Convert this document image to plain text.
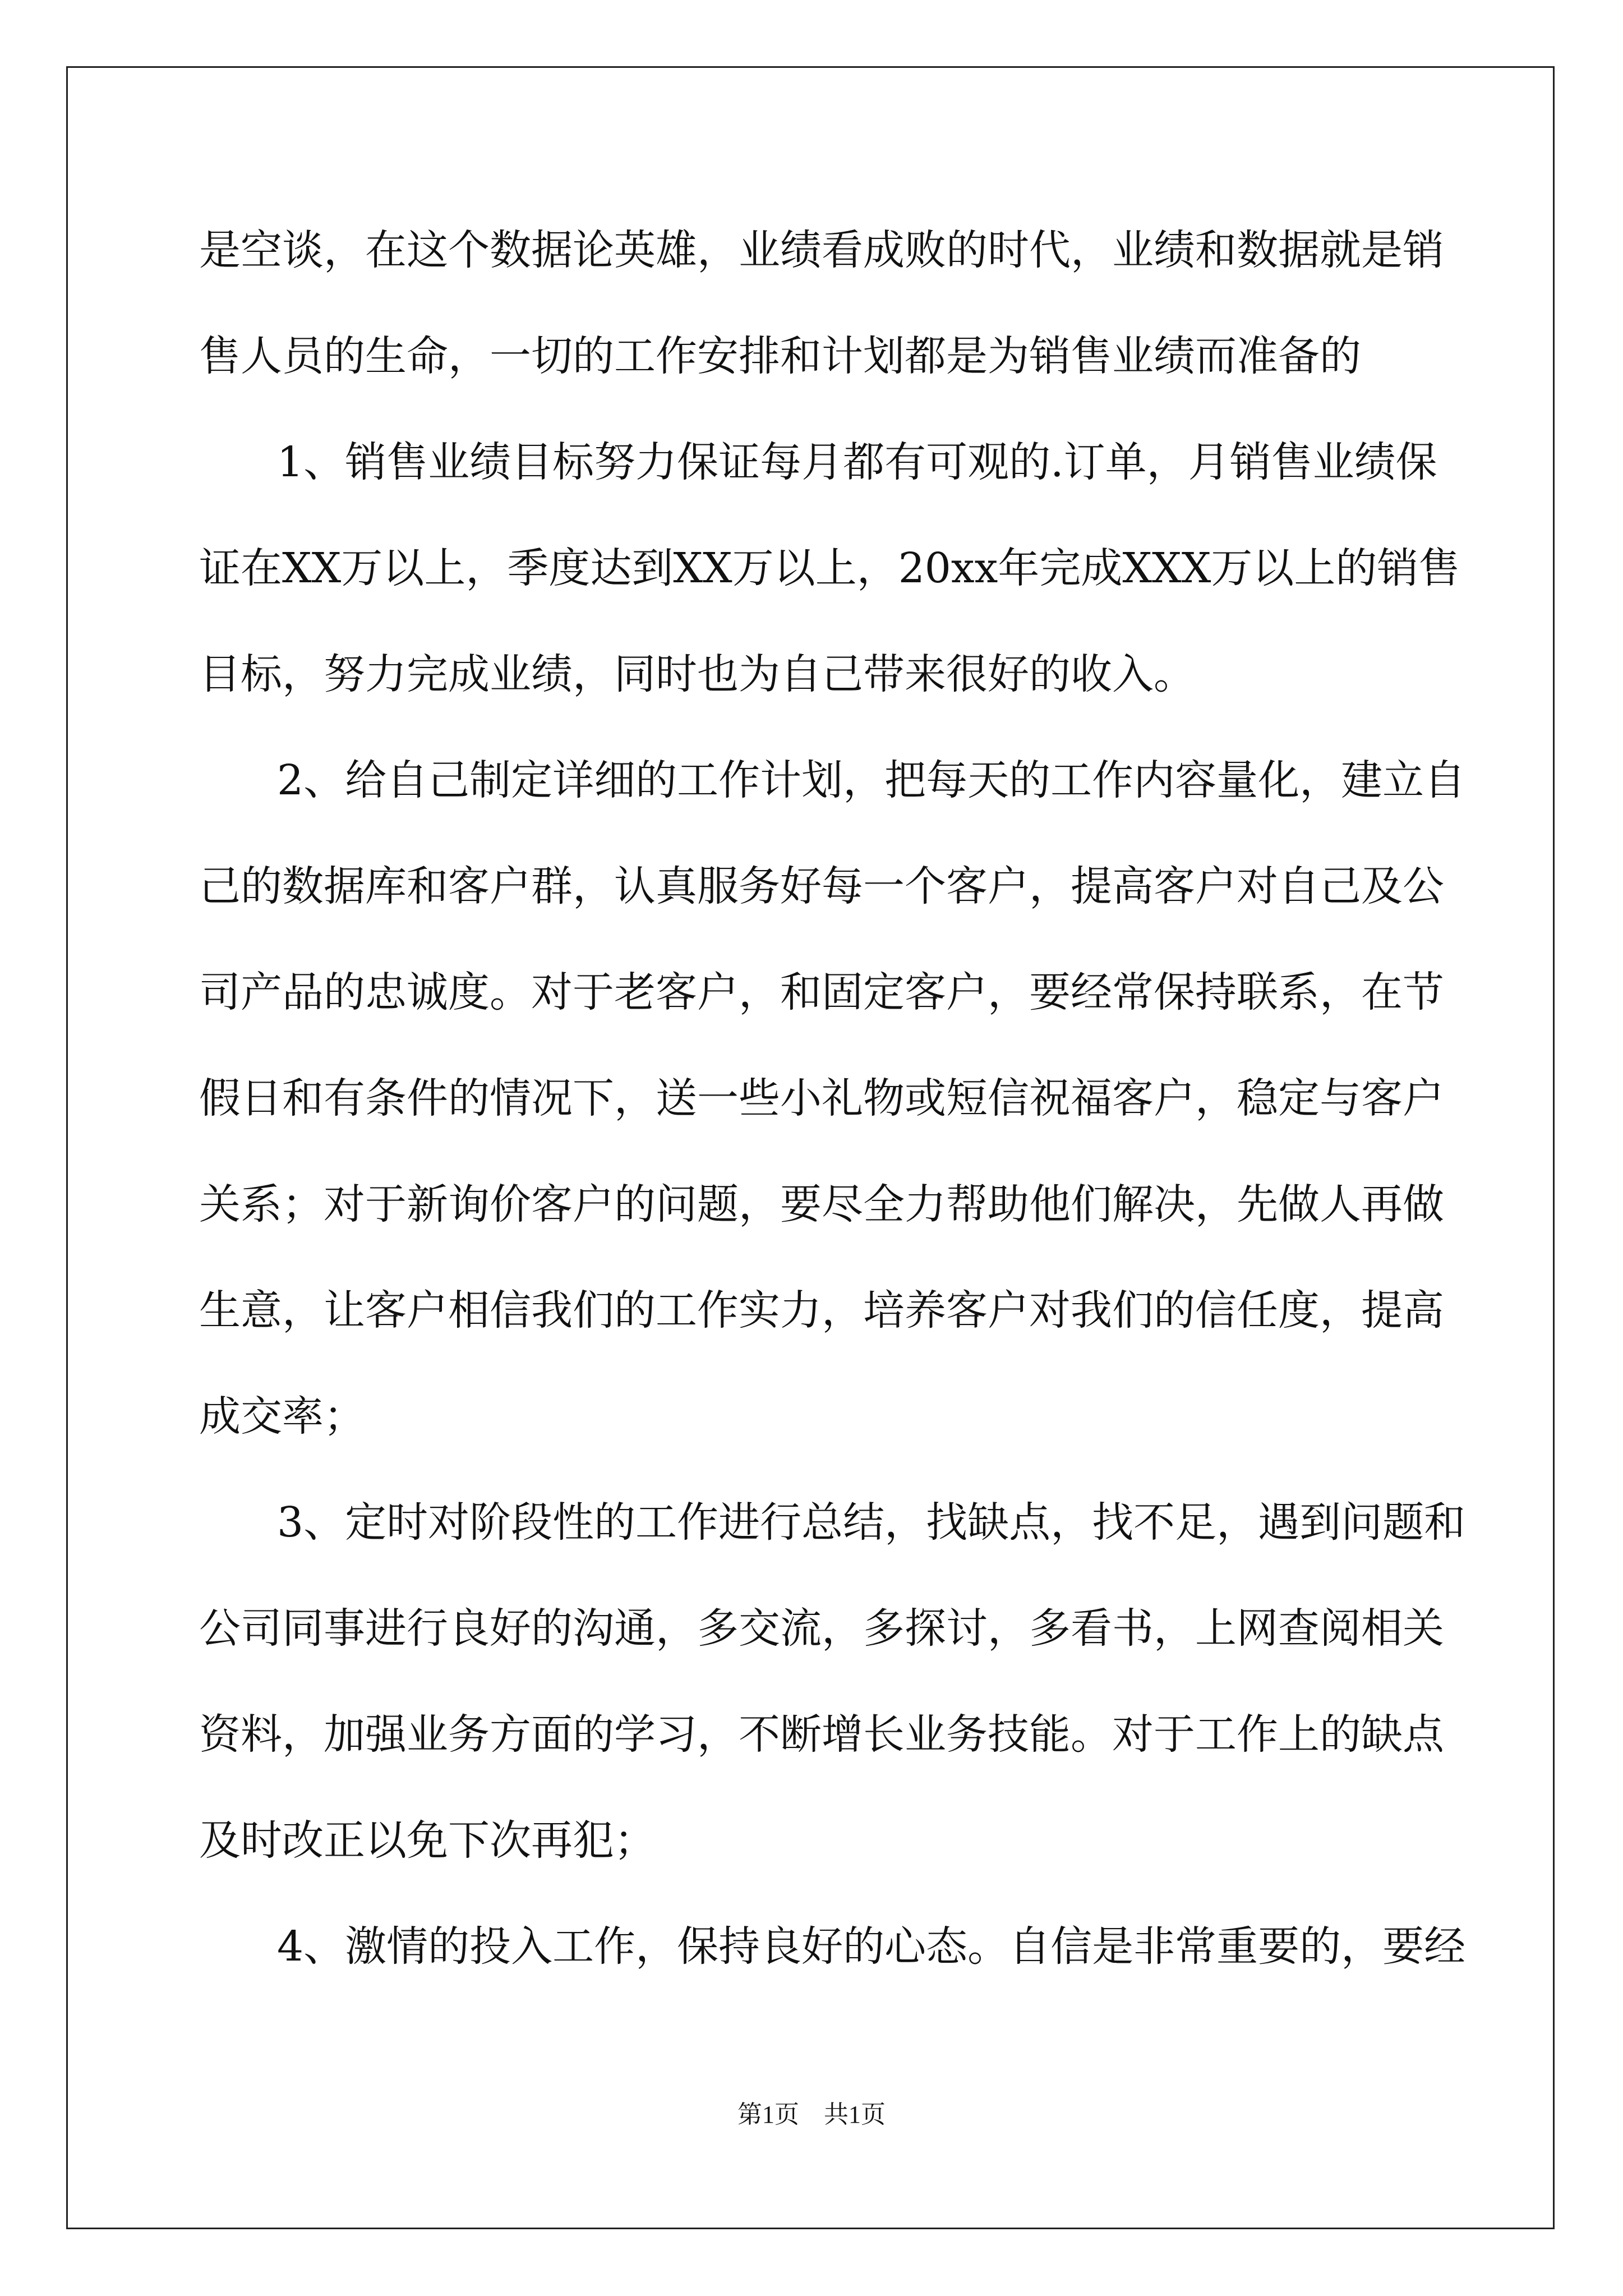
是空谈，在这个数据论英雄，业绩看成败的时代，业绩和数据就是销
售人员的生命，一切的工作安排和计划都是为销售业绩而准备的
1、销售业绩目标努力保证每月都有可观的.订单，月销售业绩保
证在XX万以上，季度达到XX万以上，20xx年完成XXX万以上的销售
目标，努力完成业绩，同时也为自己带来很好的收入。
2、给自己制定详细的工作计划，把每天的工作内容量化，建立自
己的数据库和客户群，认真服务好每一个客户，提高客户对自己及公
司产品的忠诚度。对于老客户，和固定客户，要经常保持联系，在节
假日和有条件的情况下，送一些小礼物或短信祝福客户，稳定与客户
关系；对于新询价客户的问题，要尽全力帮助他们解决，先做人再做
生意，让客户相信我们的工作实力，培养客户对我们的信任度，提高
成交率；
3、定时对阶段性的工作进行总结，找缺点，找不足，遇到问题和
公司同事进行良好的沟通，多交流，多探讨，多看书，上网查阅相关
资料，加强业务方面的学习，不断增长业务技能。对于工作上的缺点
及时改正以免下次再犯；
4、激情的投入工作，保持良好的心态。自信是非常重要的，要经
第1页 共1页
